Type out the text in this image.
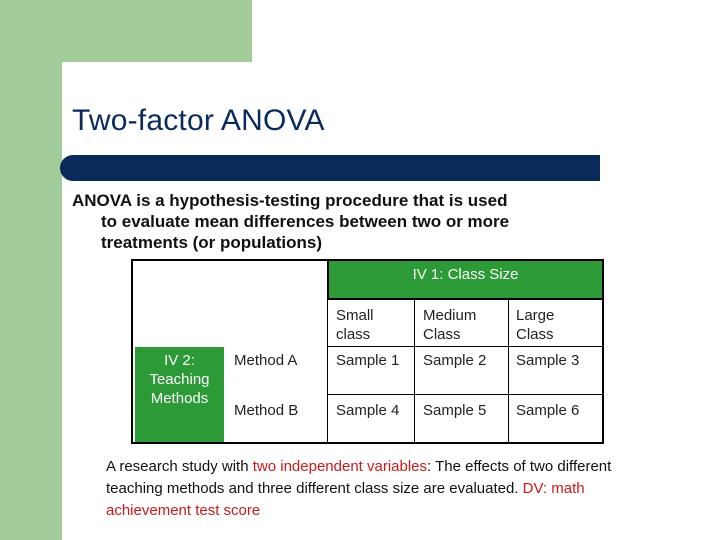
Two-factor ANOVA
ANOVA is a hypothesis-testing procedure that is used
to evaluate mean differences between two or more
treatments (or populations)
IV 1: Class Size
IV 2:
Teaching
Methods
Small
class
Medium
Class
Large
Class
Method A
Method B
Sample 1 Sample 2 Sample 3
Sample 4 Sample 5 Sample 6
A research study with two independent variables: The effects of two different teaching methods and three different class size are evaluated. DV: math achievement test score
